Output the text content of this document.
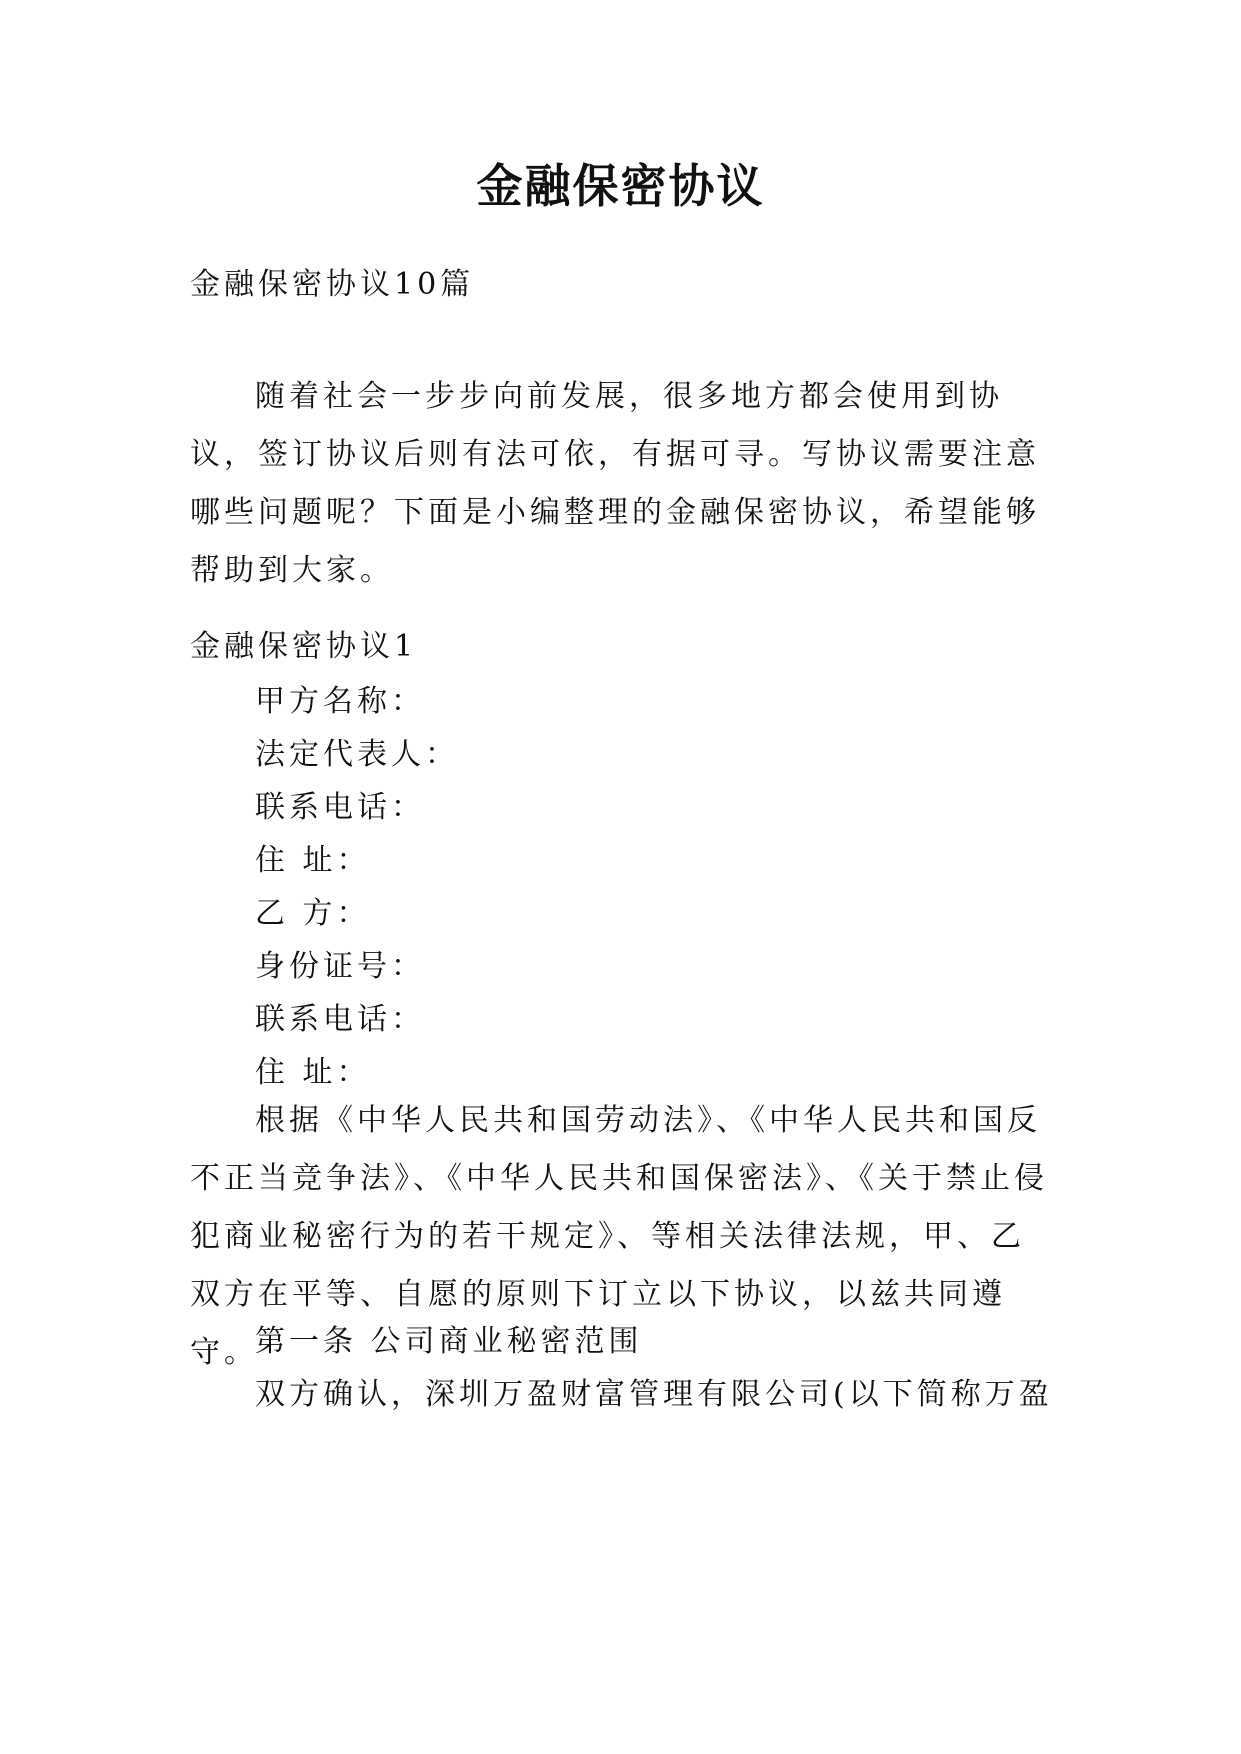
金融保密协议
金融保密协议10篇

随着社会一步步向前发展，很多地方都会使用到协议，签订协议后则有法可依，有据可寻。写协议需要注意哪些问题呢？下面是小编整理的金融保密协议，希望能够帮助到大家。

金融保密协议1
甲方名称：
法定代表人：
联系电话：
住 址：
乙 方：
身份证号：
联系电话：
住 址：

根据《中华人民共和国劳动法》、《中华人民共和国反不正当竞争法》、《中华人民共和国保密法》、《关于禁止侵犯商业秘密行为的若干规定》、等相关法律法规，甲、乙双方在平等、自愿的原则下订立以下协议，以兹共同遵守。

第一条 公司商业秘密范围
双方确认，深圳万盈财富管理有限公司(以下简称万盈
